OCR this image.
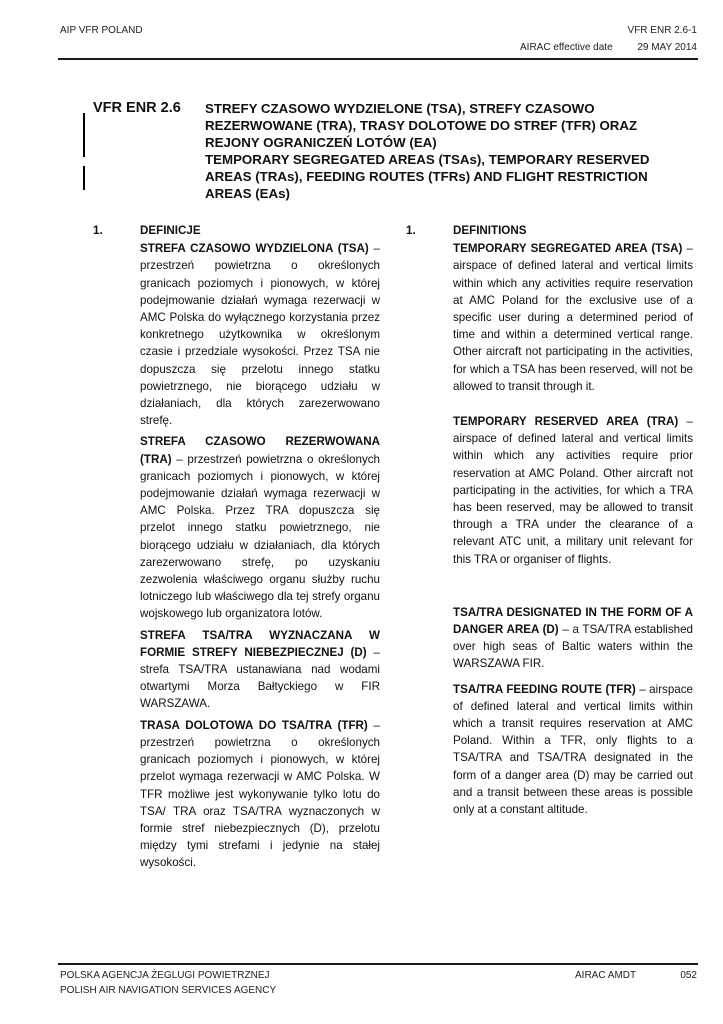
AIP VFR POLAND	VFR ENR 2.6-1
AIRAC effective date 29 MAY 2014
VFR ENR 2.6 STREFY CZASOWO WYDZIELONE (TSA), STREFY CZASOWO REZERWOWANE (TRA), TRASY DOLOTOWE DO STREF (TFR) ORAZ REJONY OGRANICZEŃ LOTÓW (EA)
TEMPORARY SEGREGATED AREAS (TSAs), TEMPORARY RESERVED AREAS (TRAs), FEEDING ROUTES (TFRs) AND FLIGHT RESTRICTION AREAS (EAs)
1.	DEFINICJE

STREFA CZASOWO WYDZIELONA (TSA) – przestrzeń powietrzna o określonych granicach poziomych i pionowych, w której podejmowanie działań wymaga rezerwacji w AMC Polska do wyłącznego korzystania przez konkretnego użytkownika w określonym czasie i przedziale wysokości. Przez TSA nie dopuszcza się przelotu innego statku powietrznego, nie biorącego udziału w działaniach, dla których zarezerwowano strefę.

STREFA CZASOWO REZERWOWANA (TRA) – przestrzeń powietrzna o określonych granicach poziomych i pionowych, w której podejmowanie działań wymaga rezerwacji w AMC Polska. Przez TRA dopuszcza się przelot innego statku powietrznego, nie biorącego udziału w działaniach, dla których zarezerwowano strefę, po uzyskaniu zezwolenia właściwego organu służby ruchu lotniczego lub właściwego dla tej strefy organu wojskowego lub organizatora lotów.

STREFA TSA/TRA WYZNACZANA W FORMIE STREFY NIEBEZPIECZNEJ (D) – strefa TSA/TRA ustanawiana nad wodami otwartymi Morza Bałtyckiego w FIR WARSZAWA.

TRASA DOLOTOWA DO TSA/TRA (TFR) – przestrzeń powietrzna o określonych granicach poziomych i pionowych, w której przelot wymaga rezerwacji w AMC Polska. W TFR możliwe jest wykonywanie tylko lotu do TSA/ TRA oraz TSA/TRA wyznaczonych w formie stref niebezpiecznych (D), przelotu między tymi strefami i jedynie na stałej wysokości.

1.	DEFINITIONS

TEMPORARY SEGREGATED AREA (TSA) – airspace of defined lateral and vertical limits within which any activities require reservation at AMC Poland for the exclusive use of a specific user during a determined period of time and within a determined vertical range. Other aircraft not participating in the activities, for which a TSA has been reserved, will not be allowed to transit through it.

TEMPORARY RESERVED AREA (TRA) – airspace of defined lateral and vertical limits within which any activities require prior reservation at AMC Poland. Other aircraft not participating in the activities, for which a TRA has been reserved, may be allowed to transit through a TRA under the clearance of a relevant ATC unit, a military unit relevant for this TRA or organiser of flights.

TSA/TRA DESIGNATED IN THE FORM OF A DANGER AREA (D) – a TSA/TRA established over high seas of Baltic waters within the WARSZAWA FIR.

TSA/TRA FEEDING ROUTE (TFR) – airspace of defined lateral and vertical limits within which a transit requires reservation at AMC Poland. Within a TFR, only flights to a TSA/TRA and TSA/TRA designated in the form of a danger area (D) may be carried out and a transit between these areas is possible only at a constant altitude.

POLSKA AGENCJA ŻEGLUGI POWIETRZNEJ
POLISH AIR NAVIGATION SERVICES AGENCY
AIRAC AMDT	052
